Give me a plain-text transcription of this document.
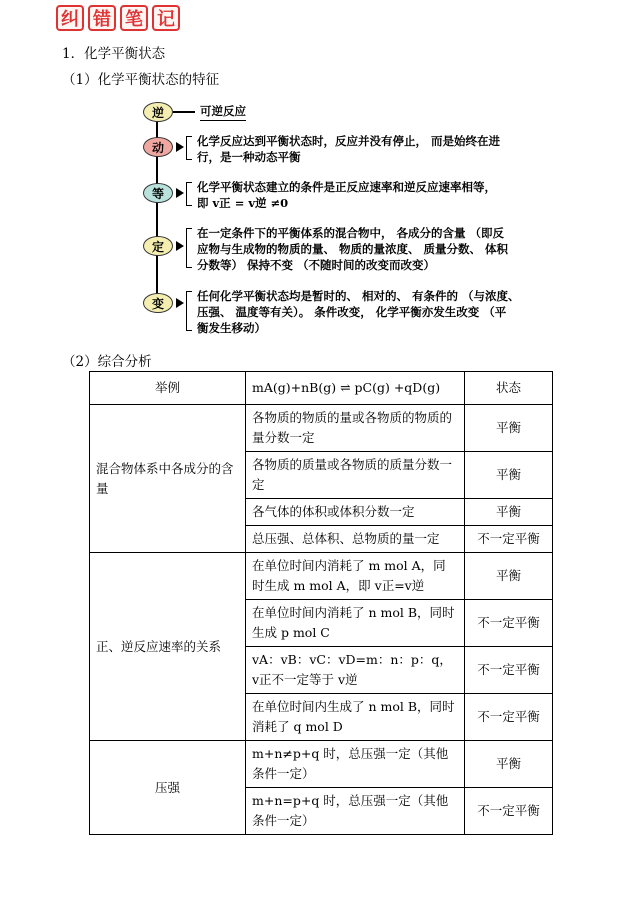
纠 错 笔 记
1．化学平衡状态
（1）化学平衡状态的特征
逆	可逆反应
动	化学反应达到平衡状态时，反应并没有停止， 而是始终在进
行，是一种动态平衡
等	化学平衡状态建立的条件是正反应速率和逆反应速率相等，
即 v正 = v逆 ≠0
定
在一定条件下的平衡体系的混合物中， 各成分的含量 （即反
应物与生成物的物质的量、 物质的量浓度、 质量分数、 体积
分数等） 保持不变 （不随时间的改变而改变）
变
任何化学平衡状态均是暂时的、 相对的、 有条件的 （与浓度、
压强、 温度等有关）。 条件改变， 化学平衡亦发生改变 （平
衡发生移动）
（2）综合分析
举例	mA(g)+nB(g) ⇌ pC(g) +qD(g)	状态
混合物体系中各成分的含量	各物质的物质的量或各物质的物质的量分数一定	平衡
	各物质的质量或各物质的质量分数一定	平衡
	各气体的体积或体积分数一定	平衡
	总压强、总体积、总物质的量一定	不一定平衡
正、逆反应速率的关系	在单位时间内消耗了 m mol A，同时生成 m mol A，即 v正=v逆	平衡
	在单位时间内消耗了 n mol B，同时生成 p mol C	不一定平衡
	vA：vB：vC：vD=m：n：p：q，v正不一定等于 v逆	不一定平衡
	在单位时间内生成了 n mol B，同时消耗了 q mol D	不一定平衡
压强	m+n≠p+q 时，总压强一定（其他条件一定）	平衡
	m+n=p+q 时，总压强一定（其他条件一定）	不一定平衡
